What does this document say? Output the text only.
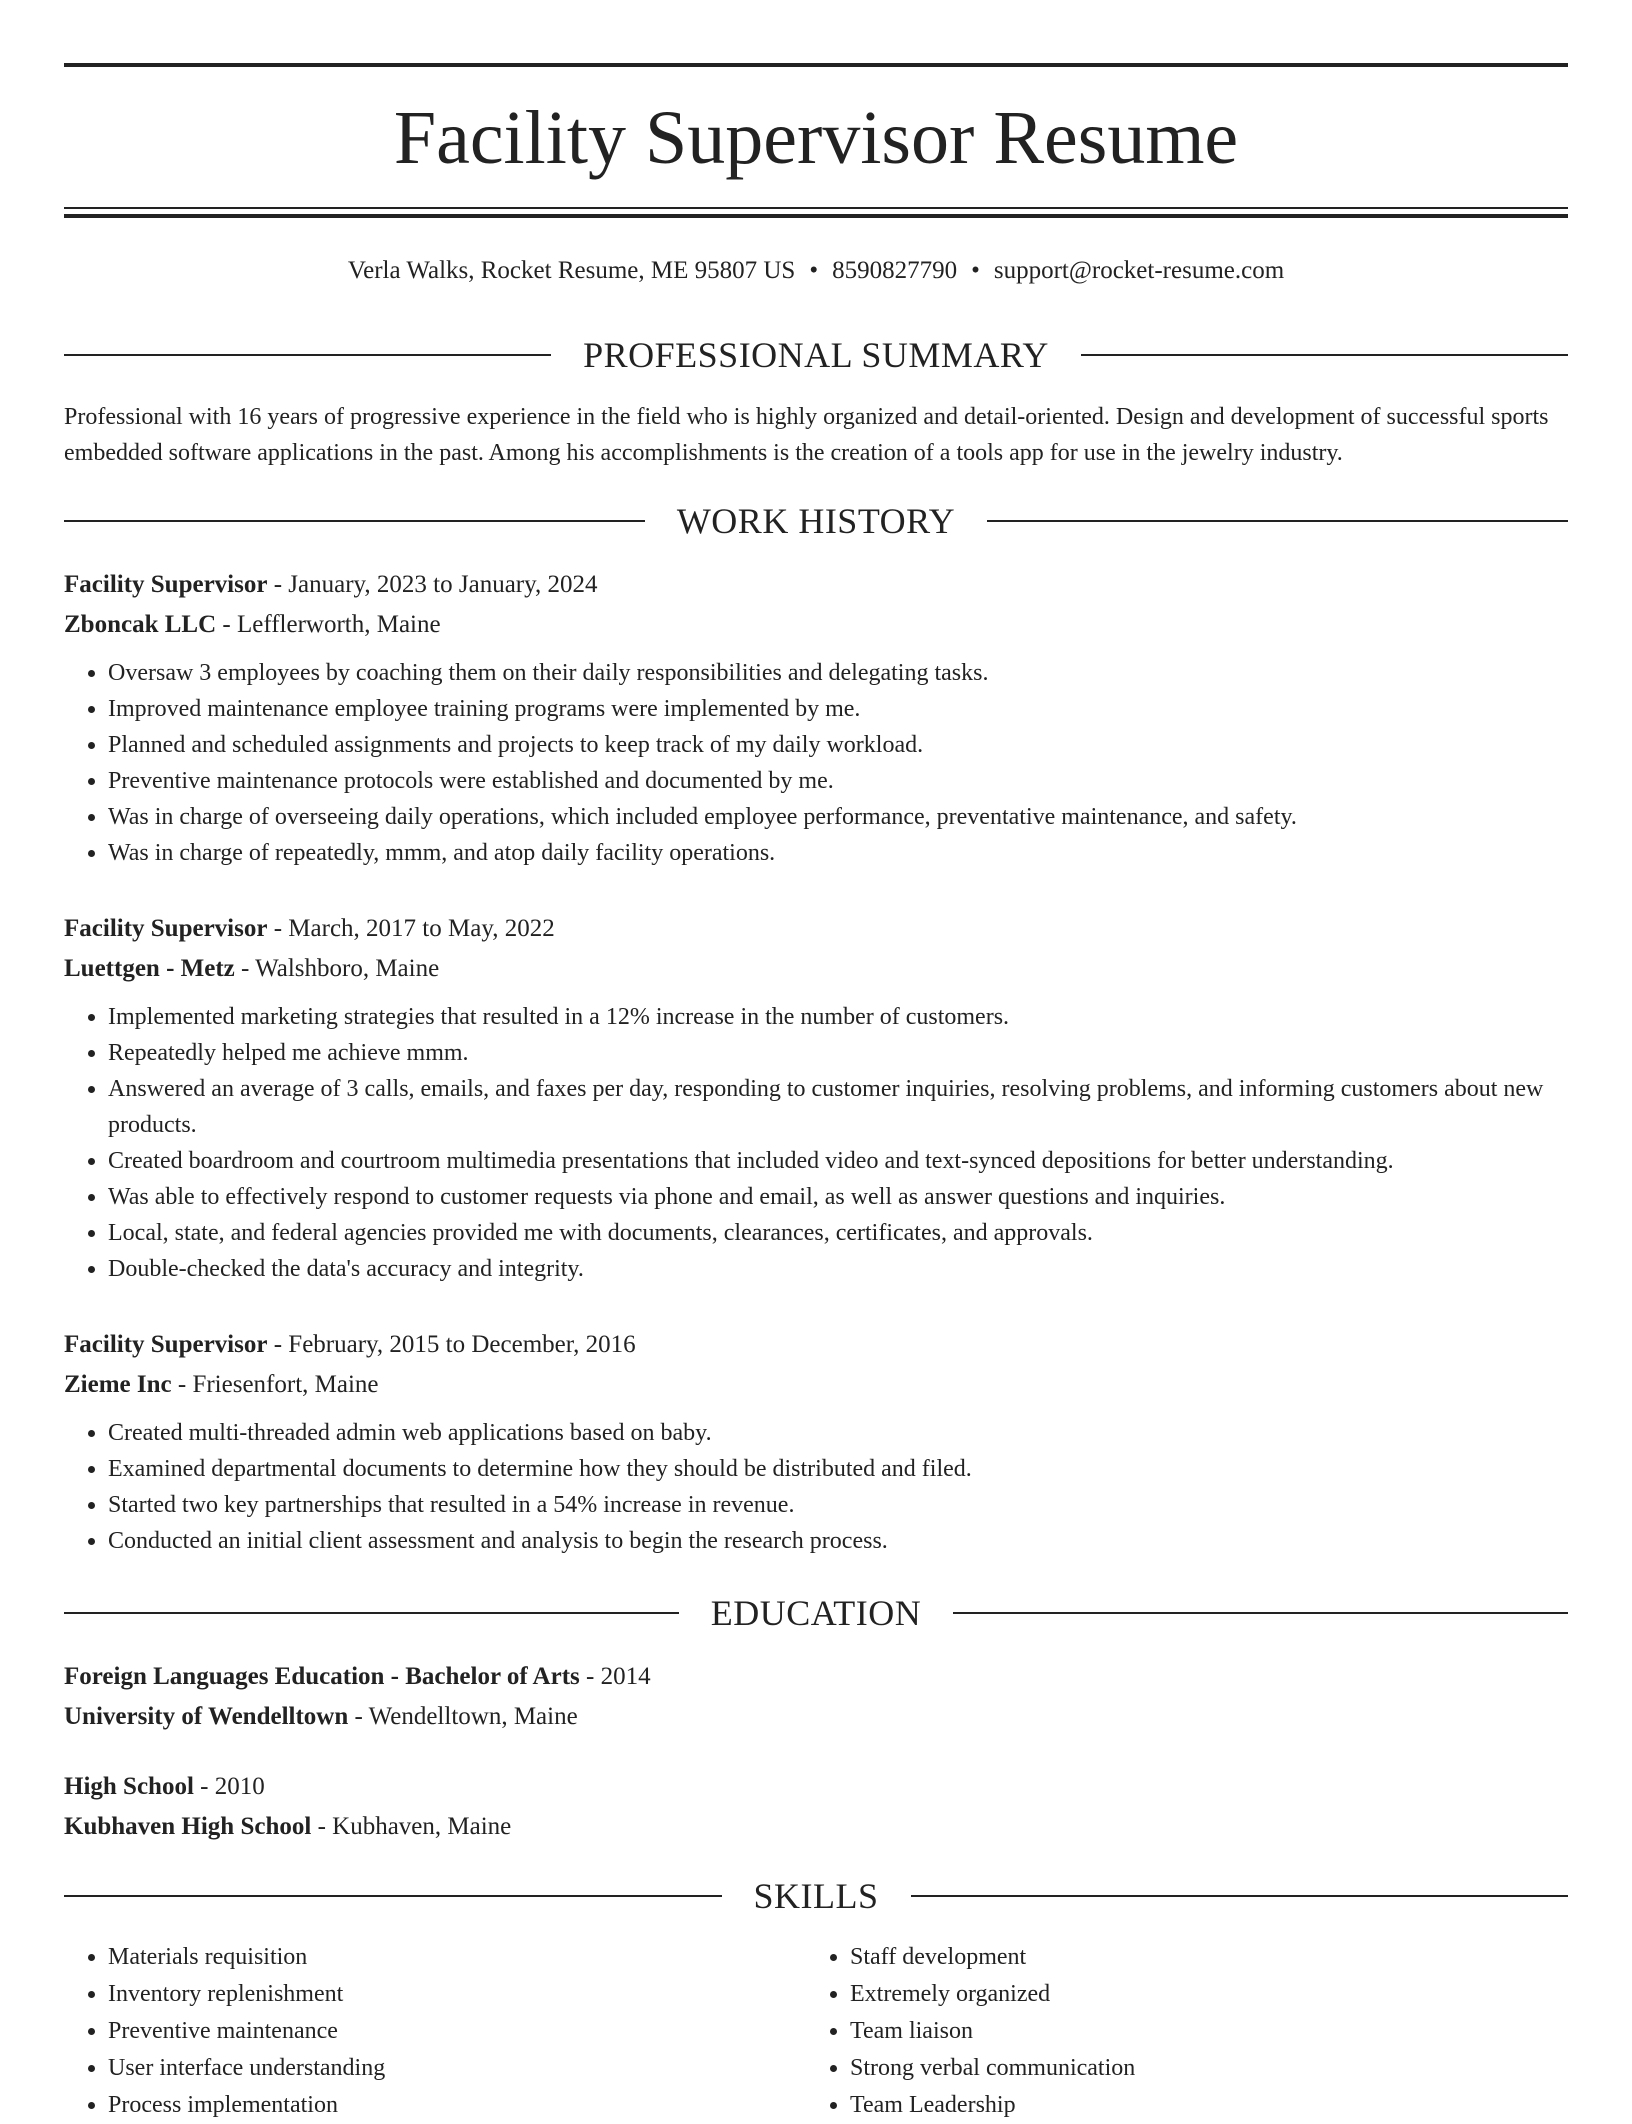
Facility Supervisor Resume
Verla Walks, Rocket Resume, ME 95807 US • 8590827790 • support@rocket-resume.com
PROFESSIONAL SUMMARY
Professional with 16 years of progressive experience in the field who is highly organized and detail-oriented. Design and development of successful sports embedded software applications in the past. Among his accomplishments is the creation of a tools app for use in the jewelry industry.
WORK HISTORY
Facility Supervisor - January, 2023 to January, 2024
Zboncak LLC - Lefflerworth, Maine
• Oversaw 3 employees by coaching them on their daily responsibilities and delegating tasks.
• Improved maintenance employee training programs were implemented by me.
• Planned and scheduled assignments and projects to keep track of my daily workload.
• Preventive maintenance protocols were established and documented by me.
• Was in charge of overseeing daily operations, which included employee performance, preventative maintenance, and safety.
• Was in charge of repeatedly, mmm, and atop daily facility operations.
Facility Supervisor - March, 2017 to May, 2022
Luettgen - Metz - Walshboro, Maine
• Implemented marketing strategies that resulted in a 12% increase in the number of customers.
• Repeatedly helped me achieve mmm.
• Answered an average of 3 calls, emails, and faxes per day, responding to customer inquiries, resolving problems, and informing customers about new products.
• Created boardroom and courtroom multimedia presentations that included video and text-synced depositions for better understanding.
• Was able to effectively respond to customer requests via phone and email, as well as answer questions and inquiries.
• Local, state, and federal agencies provided me with documents, clearances, certificates, and approvals.
• Double-checked the data's accuracy and integrity.
Facility Supervisor - February, 2015 to December, 2016
Zieme Inc - Friesenfort, Maine
• Created multi-threaded admin web applications based on baby.
• Examined departmental documents to determine how they should be distributed and filed.
• Started two key partnerships that resulted in a 54% increase in revenue.
• Conducted an initial client assessment and analysis to begin the research process.
EDUCATION
Foreign Languages Education - Bachelor of Arts - 2014
University of Wendelltown - Wendelltown, Maine
High School - 2010
Kubhaven High School - Kubhaven, Maine
SKILLS
• Materials requisition
• Inventory replenishment
• Preventive maintenance
• User interface understanding
• Process implementation
• Staff development
• Extremely organized
• Team liaison
• Strong verbal communication
• Team Leadership
